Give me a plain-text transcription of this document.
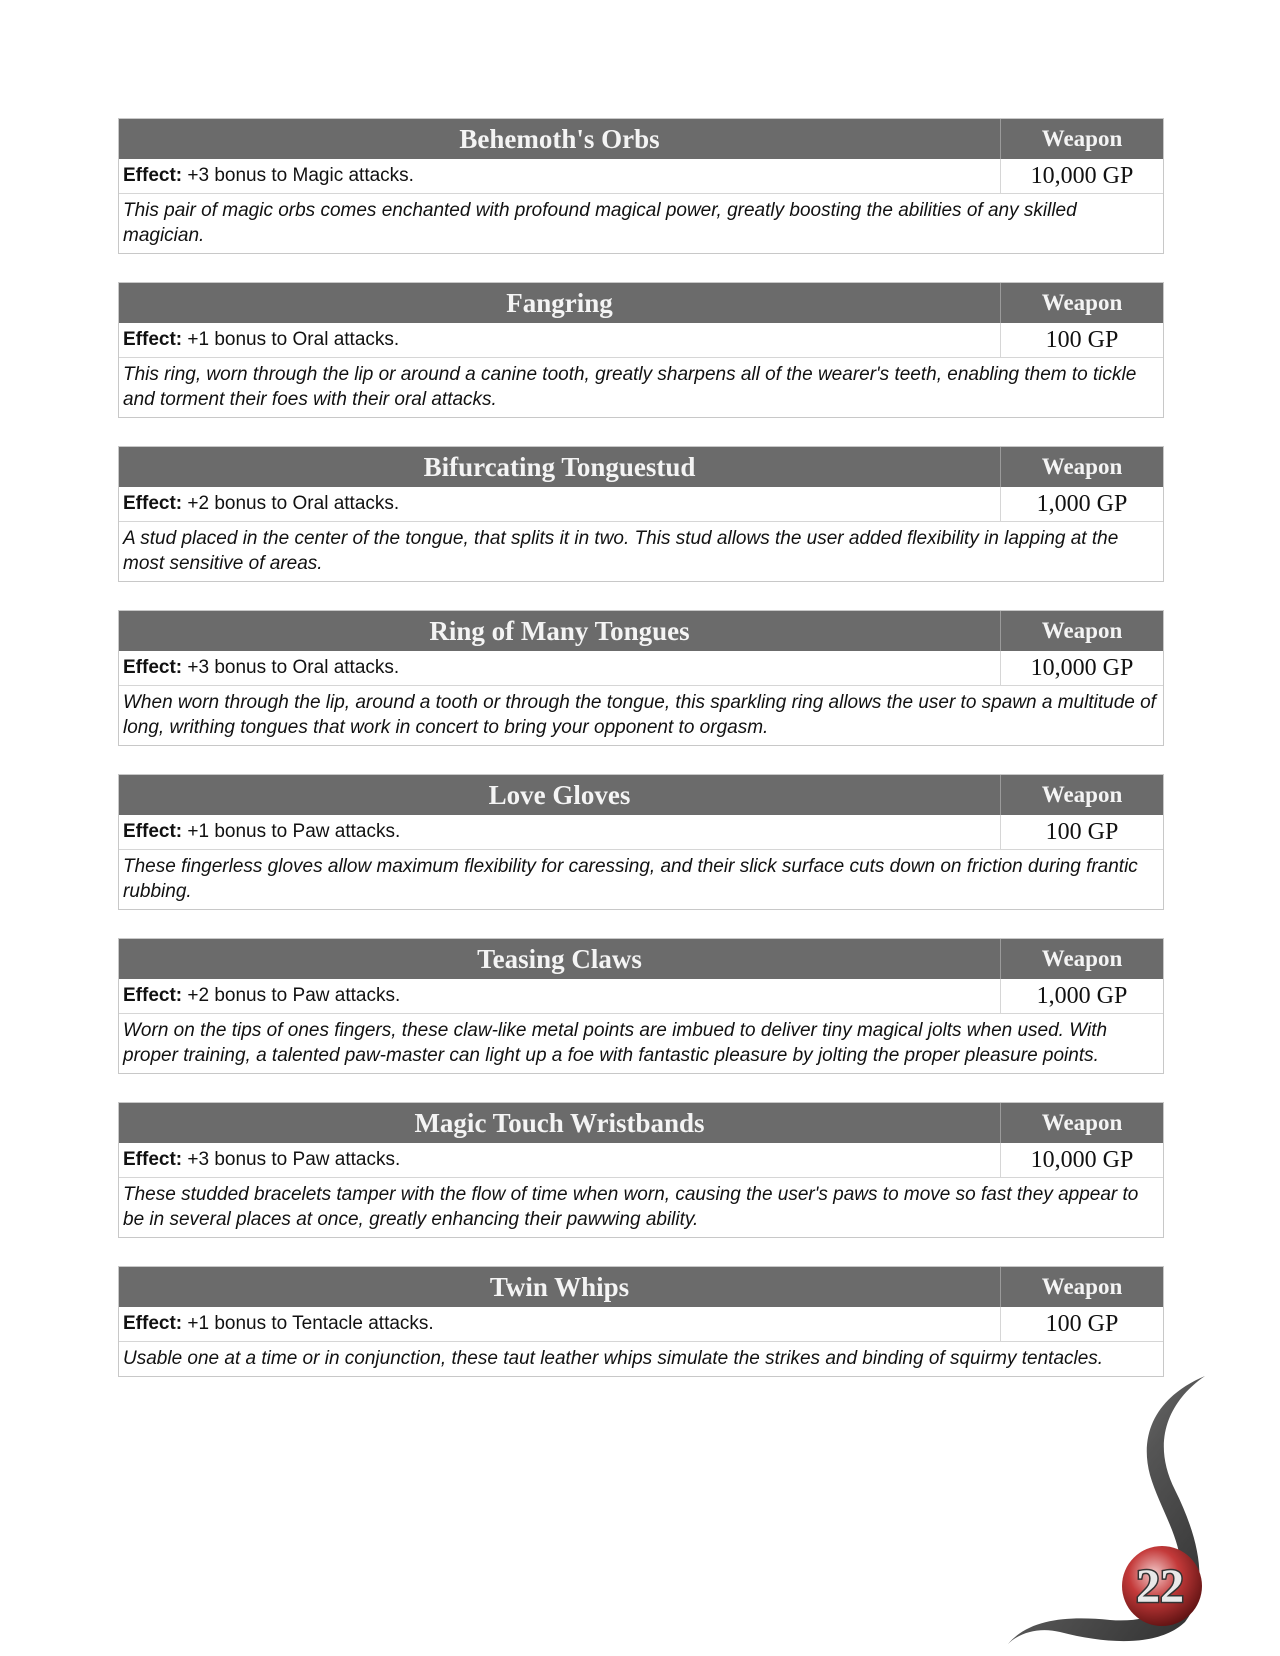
Behemoth's Orbs	Weapon
Effect: +3 bonus to Magic attacks.	10,000 GP
This pair of magic orbs comes enchanted with profound magical power, greatly boosting the abilities of any skilled magician.
Fangring	Weapon
Effect: +1 bonus to Oral attacks.	100 GP
This ring, worn through the lip or around a canine tooth, greatly sharpens all of the wearer's teeth, enabling them to tickle and torment their foes with their oral attacks.
Bifurcating Tonguestud	Weapon
Effect: +2 bonus to Oral attacks.	1,000 GP
A stud placed in the center of the tongue, that splits it in two. This stud allows the user added flexibility in lapping at the most sensitive of areas.
Ring of Many Tongues	Weapon
Effect: +3 bonus to Oral attacks.	10,000 GP
When worn through the lip, around a tooth or through the tongue, this sparkling ring allows the user to spawn a multitude of long, writhing tongues that work in concert to bring your opponent to orgasm.
Love Gloves	Weapon
Effect: +1 bonus to Paw attacks.	100 GP
These fingerless gloves allow maximum flexibility for caressing, and their slick surface cuts down on friction during frantic rubbing.
Teasing Claws	Weapon
Effect: +2 bonus to Paw attacks.	1,000 GP
Worn on the tips of ones fingers, these claw-like metal points are imbued to deliver tiny magical jolts when used. With proper training, a talented paw-master can light up a foe with fantastic pleasure by jolting the proper pleasure points.
Magic Touch Wristbands	Weapon
Effect: +3 bonus to Paw attacks.	10,000 GP
These studded bracelets tamper with the flow of time when worn, causing the user's paws to move so fast they appear to be in several places at once, greatly enhancing their pawwing ability.
Twin Whips	Weapon
Effect: +1 bonus to Tentacle attacks.	100 GP
Usable one at a time or in conjunction, these taut leather whips simulate the strikes and binding of squirmy tentacles.
22
